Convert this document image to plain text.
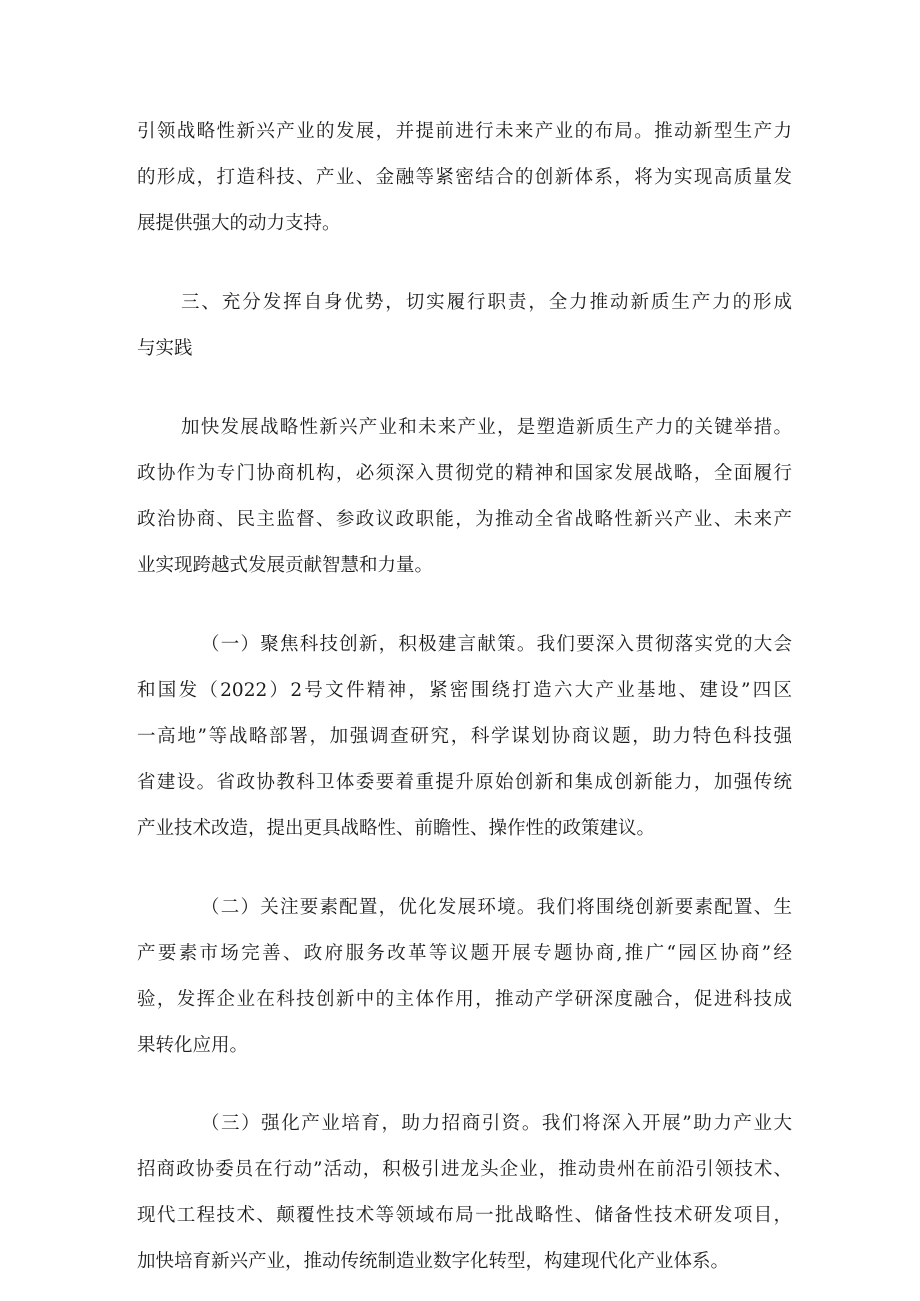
引领战略性新兴产业的发展，并提前进行未来产业的布局。推动新型生产力
的形成，打造科技、产业、金融等紧密结合的创新体系，将为实现高质量发
展提供强大的动力支持。
三、充分发挥自身优势，切实履行职责，全力推动新质生产力的形成
与实践
加快发展战略性新兴产业和未来产业，是塑造新质生产力的关键举措。
政协作为专门协商机构，必须深入贯彻党的精神和国家发展战略，全面履行
政治协商、民主监督、参政议政职能，为推动全省战略性新兴产业、未来产
业实现跨越式发展贡献智慧和力量。
（一）聚焦科技创新，积极建言献策。我们要深入贯彻落实党的大会
和国发（2022）2号文件精神，紧密围绕打造六大产业基地、建设”四区
一高地”等战略部署，加强调查研究，科学谋划协商议题，助力特色科技强
省建设。省政协教科卫体委要着重提升原始创新和集成创新能力，加强传统
产业技术改造，提出更具战略性、前瞻性、操作性的政策建议。
（二）关注要素配置，优化发展环境。我们将围绕创新要素配置、生
产要素市场完善、政府服务改革等议题开展专题协商,推广“园区协商”经
验，发挥企业在科技创新中的主体作用，推动产学研深度融合，促进科技成
果转化应用。
（三）强化产业培育，助力招商引资。我们将深入开展”助力产业大
招商政协委员在行动”活动，积极引进龙头企业，推动贵州在前沿引领技术、
现代工程技术、颠覆性技术等领域布局一批战略性、储备性技术研发项目，
加快培育新兴产业，推动传统制造业数字化转型，构建现代化产业体系。
